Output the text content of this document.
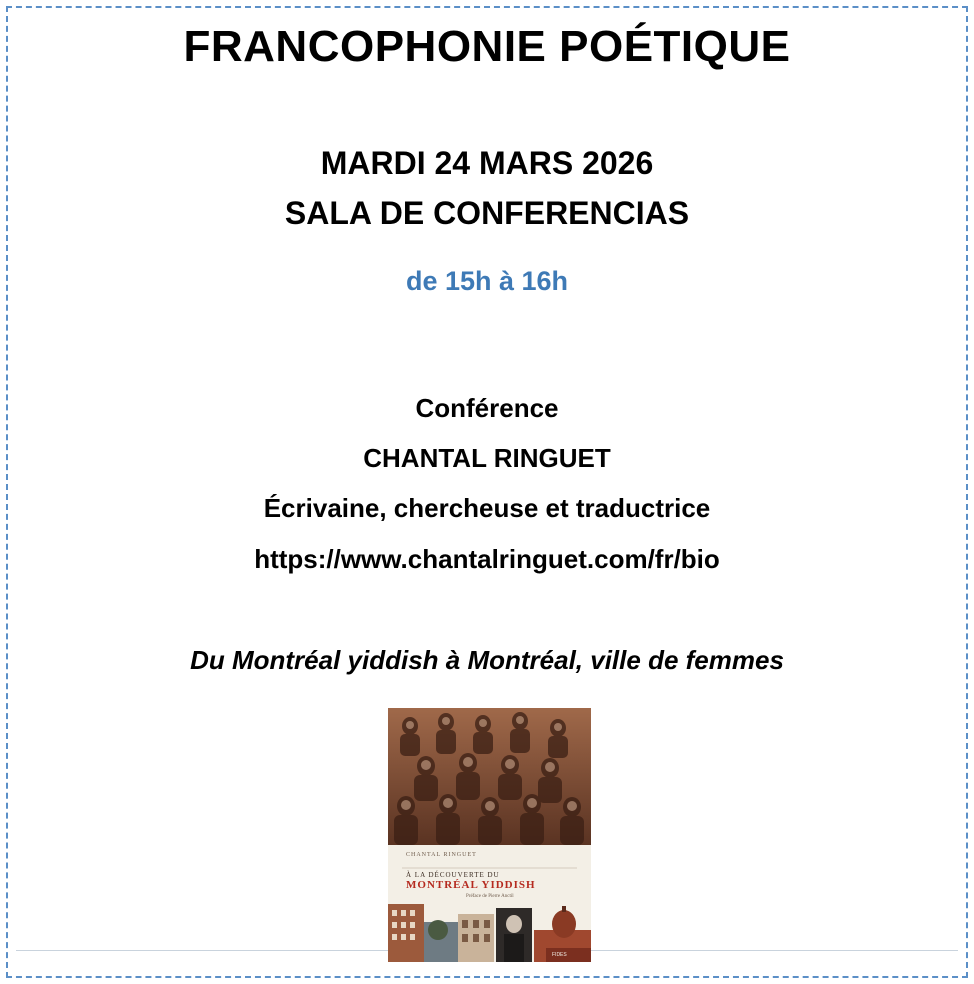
FRANCOPHONIE POÉTIQUE

MARDI 24 MARS 2026

SALA DE CONFERENCIAS

de 15h à 16h

Conférence

CHANTAL RINGUET

Écrivaine, chercheuse et traductrice

https://www.chantalringuet.com/fr/bio

Du Montréal yiddish à Montréal, ville de femmes

CHANTAL RINGUET
À LA DÉCOUVERTE DU
MONTRÉAL YIDDISH
Préface de Pierre Anctil
FIDES
